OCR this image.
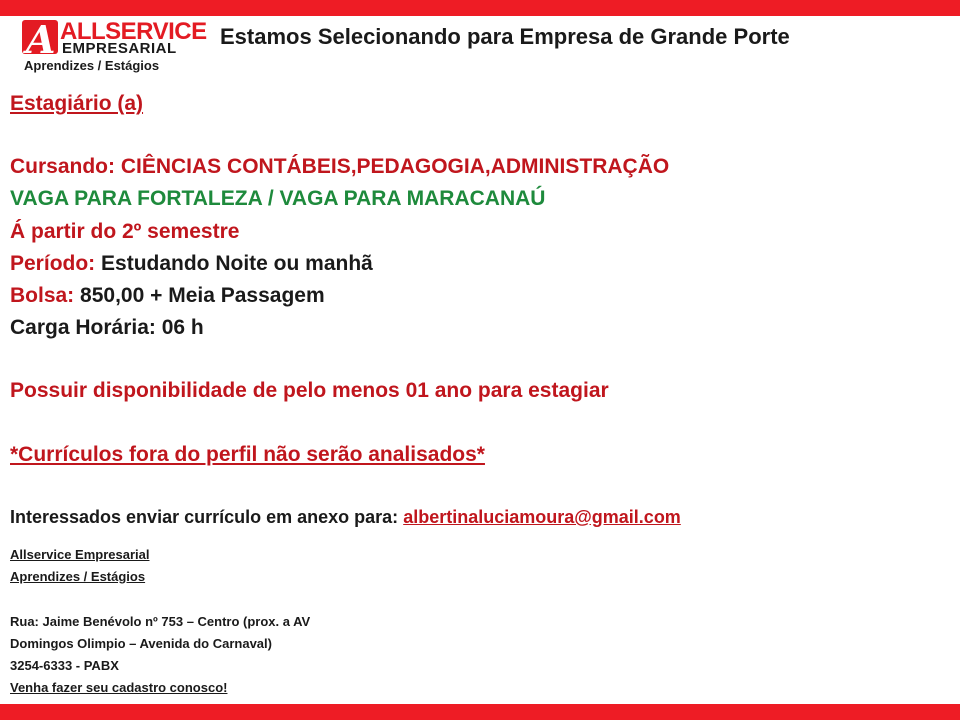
A ALLSERVICE
EMPRESARIAL
Aprendizes / Estágios
Estamos Selecionando para Empresa de Grande Porte
Estagiário (a)
Cursando: CIÊNCIAS CONTÁBEIS,PEDAGOGIA,ADMINISTRAÇÃO
VAGA PARA FORTALEZA / VAGA PARA MARACANAÚ
Á partir do 2º semestre
Período: Estudando Noite ou manhã
Bolsa: 850,00 + Meia Passagem
Carga Horária: 06 h
Possuir disponibilidade de pelo menos 01 ano para estagiar
*Currículos fora do perfil não serão analisados*
Interessados enviar currículo em anexo para: albertinaluciamoura@gmail.com
Allservice Empresarial
Aprendizes / Estágios
Rua: Jaime Benévolo nº 753 – Centro (prox. a AV
Domingos Olimpio – Avenida do Carnaval)
3254-6333 - PABX
Venha fazer seu cadastro conosco!
